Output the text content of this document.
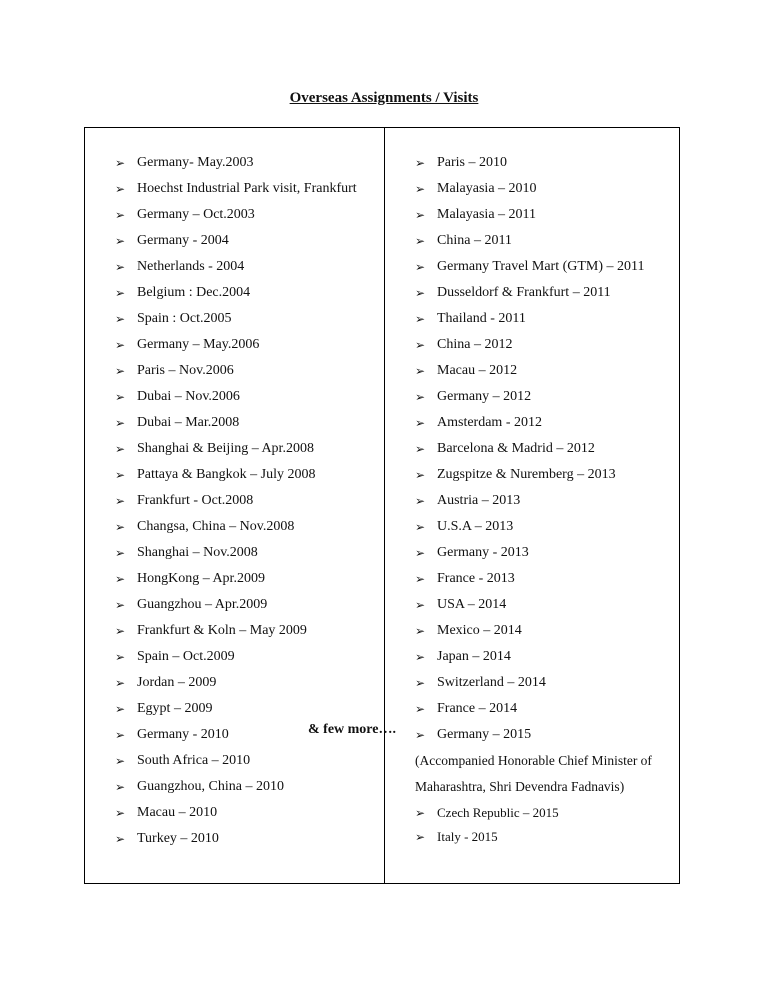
Overseas Assignments / Visits
➢ Germany- May.2003
➢ Hoechst Industrial Park visit, Frankfurt
➢ Germany – Oct.2003
➢ Germany - 2004
➢ Netherlands - 2004
➢ Belgium : Dec.2004
➢ Spain : Oct.2005
➢ Germany – May.2006
➢ Paris – Nov.2006
➢ Dubai – Nov.2006
➢ Dubai – Mar.2008
➢ Shanghai & Beijing – Apr.2008
➢ Pattaya & Bangkok – July 2008
➢ Frankfurt - Oct.2008
➢ Changsa, China – Nov.2008
➢ Shanghai – Nov.2008
➢ HongKong – Apr.2009
➢ Guangzhou – Apr.2009
➢ Frankfurt & Koln – May 2009
➢ Spain – Oct.2009
➢ Jordan – 2009
➢ Egypt – 2009
➢ Germany - 2010
➢ South Africa – 2010
➢ Guangzhou, China – 2010
➢ Macau – 2010
➢ Turkey – 2010
➢ Paris – 2010
➢ Malayasia – 2010
➢ Malayasia – 2011
➢ China – 2011
➢ Germany Travel Mart (GTM) – 2011
➢ Dusseldorf & Frankfurt – 2011
➢ Thailand - 2011
➢ China – 2012
➢ Macau – 2012
➢ Germany – 2012
➢ Amsterdam - 2012
➢ Barcelona & Madrid – 2012
➢ Zugspitze & Nuremberg – 2013
➢ Austria – 2013
➢ U.S.A – 2013
➢ Germany - 2013
➢ France - 2013
➢ USA – 2014
➢ Mexico – 2014
➢ Japan – 2014
➢ Switzerland – 2014
➢ France – 2014
➢ Germany – 2015
(Accompanied Honorable Chief Minister of
Maharashtra, Shri Devendra Fadnavis)
➢ Czech Republic – 2015
➢ Italy - 2015
& few more….
